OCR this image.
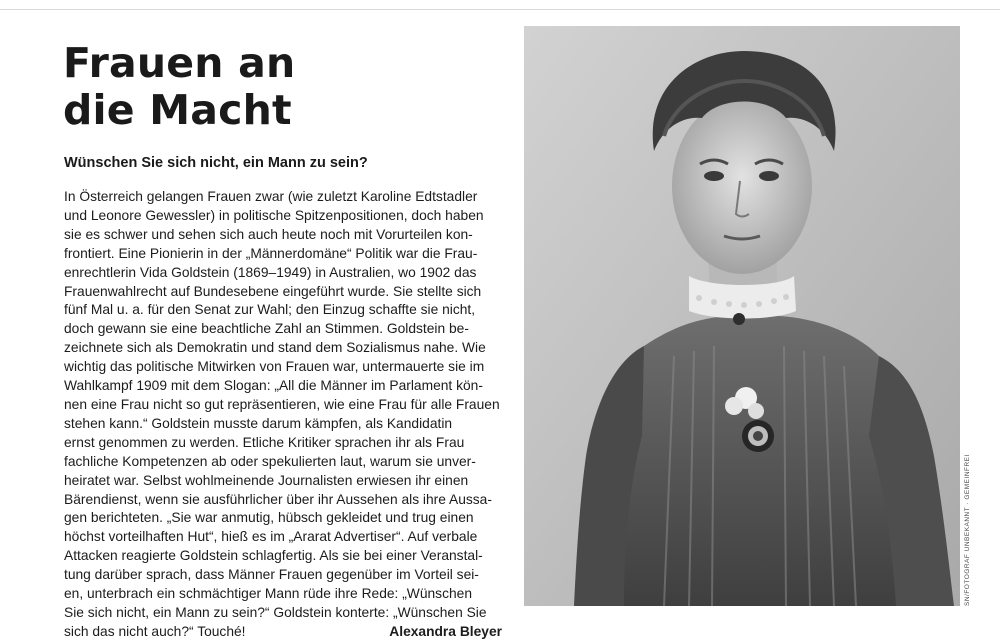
Frauen an
die Macht
Wünschen Sie sich nicht, ein Mann zu sein?
In Österreich gelangen Frauen zwar (wie zuletzt Karoline Edtstadler
und Leonore Gewessler) in politische Spitzenpositionen, doch haben
sie es schwer und sehen sich auch heute noch mit Vorurteilen kon-
frontiert. Eine Pionierin in der „Männerdomäne“ Politik war die Frau-
enrechtlerin Vida Goldstein (1869–1949) in Australien, wo 1902 das
Frauenwahlrecht auf Bundesebene eingeführt wurde. Sie stellte sich
fünf Mal u. a. für den Senat zur Wahl; den Einzug schaffte sie nicht,
doch gewann sie eine beachtliche Zahl an Stimmen. Goldstein be-
zeichnete sich als Demokratin und stand dem Sozialismus nahe. Wie
wichtig das politische Mitwirken von Frauen war, untermauerte sie im
Wahlkampf 1909 mit dem Slogan: „All die Männer im Parlament kön-
nen eine Frau nicht so gut repräsentieren, wie eine Frau für alle Frauen
stehen kann.“ Goldstein musste darum kämpfen, als Kandidatin
ernst genommen zu werden. Etliche Kritiker sprachen ihr als Frau
fachliche Kompetenzen ab oder spekulierten laut, warum sie unver-
heiratet war. Selbst wohlmeinende Journalisten erwiesen ihr einen
Bärendienst, wenn sie ausführlicher über ihr Aussehen als ihre Aussa-
gen berichteten. „Sie war anmutig, hübsch gekleidet und trug einen
höchst vorteilhaften Hut“, hieß es im „Ararat Advertiser“. Auf verbale
Attacken reagierte Goldstein schlagfertig. Als sie bei einer Veranstal-
tung darüber sprach, dass Männer Frauen gegenüber im Vorteil sei-
en, unterbrach ein schmächtiger Mann rüde ihre Rede: „Wünschen
Sie sich nicht, ein Mann zu sein?“ Goldstein konterte: „Wünschen Sie
sich das nicht auch?“ Touché!	Alexandra Bleyer
SN/FOTOGRAF UNBEKANNT · GEMEINFREI
